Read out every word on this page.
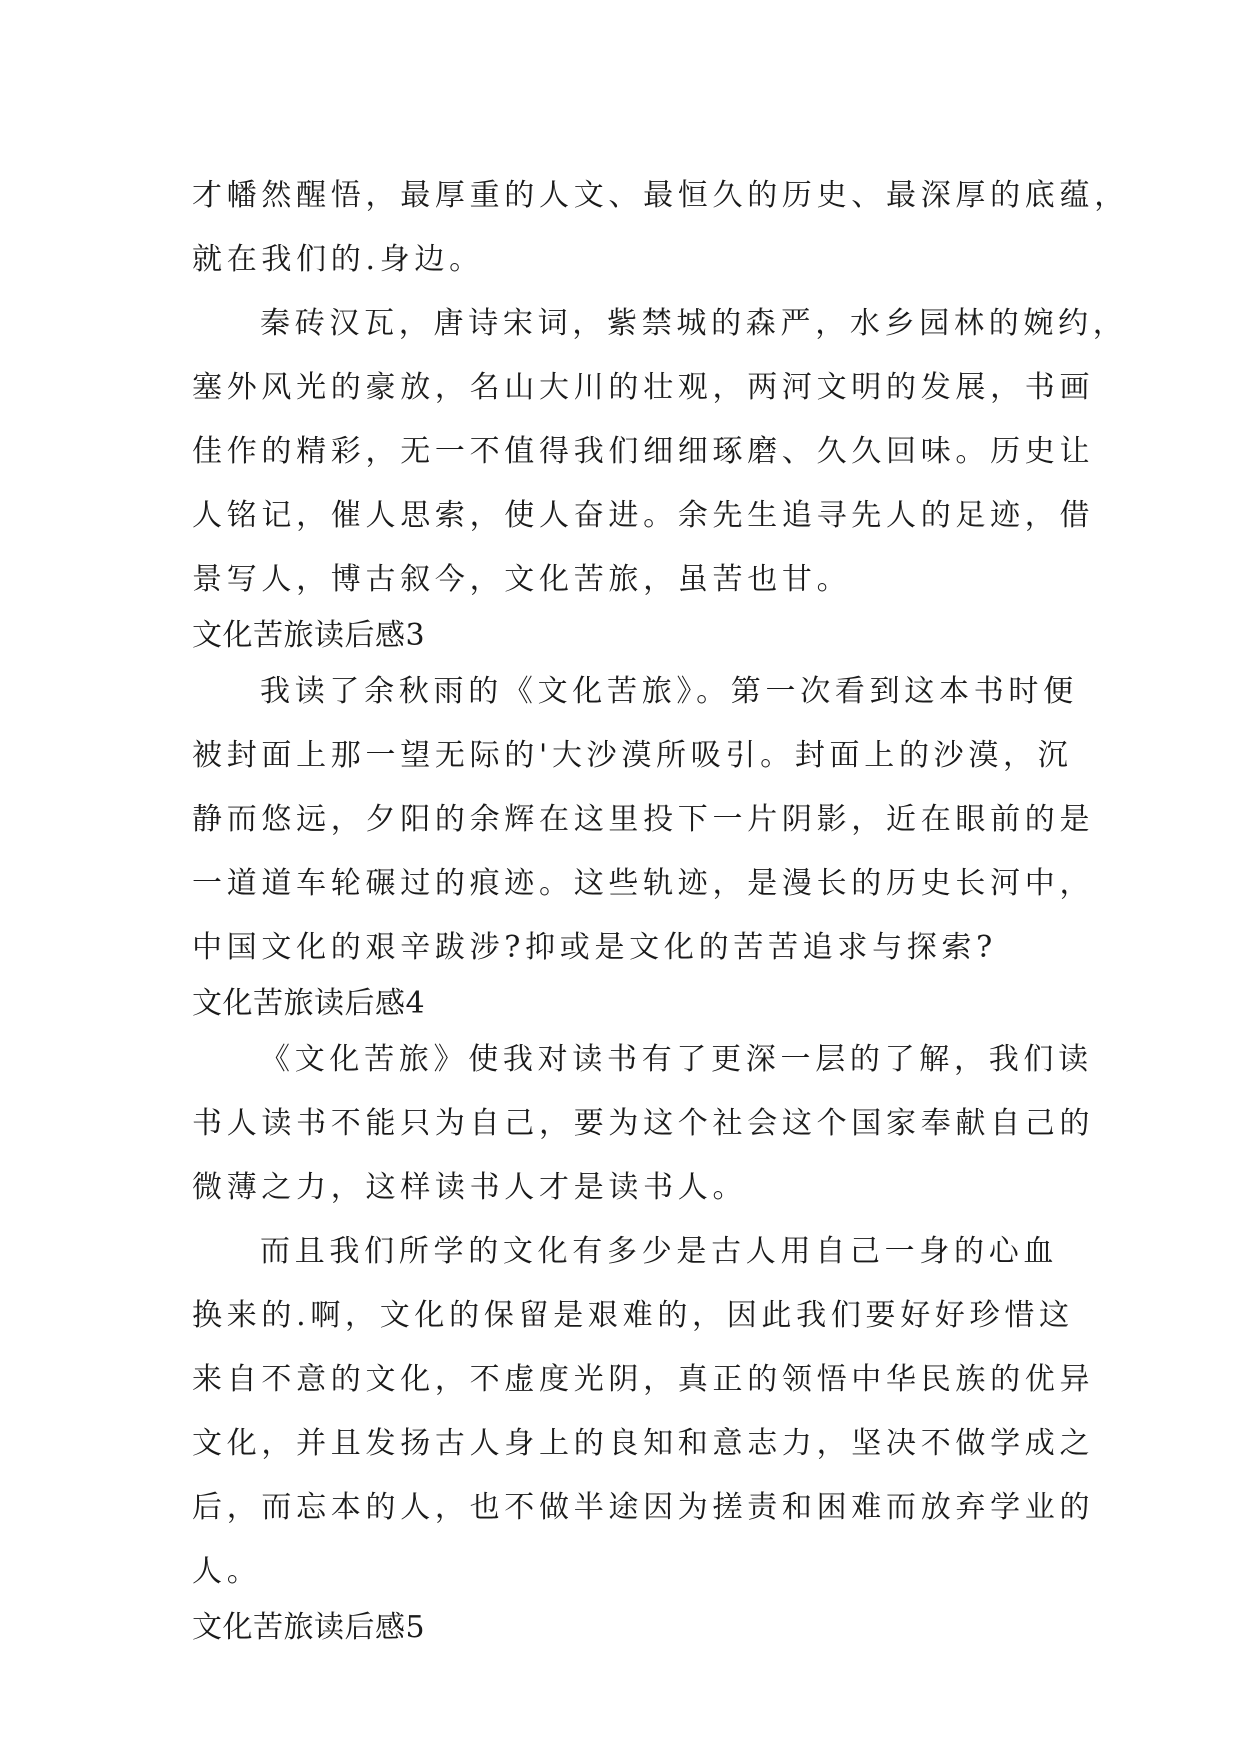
才幡然醒悟，最厚重的人文、最恒久的历史、最深厚的底蕴，
就在我们的.身边。
秦砖汉瓦，唐诗宋词，紫禁城的森严，水乡园林的婉约，
塞外风光的豪放，名山大川的壮观，两河文明的发展，书画
佳作的精彩，无一不值得我们细细琢磨、久久回味。历史让
人铭记，催人思索，使人奋进。余先生追寻先人的足迹，借
景写人，博古叙今，文化苦旅，虽苦也甘。
文化苦旅读后感3
我读了余秋雨的《文化苦旅》。第一次看到这本书时便
被封面上那一望无际的'大沙漠所吸引。封面上的沙漠，沉
静而悠远，夕阳的余辉在这里投下一片阴影，近在眼前的是
一道道车轮碾过的痕迹。这些轨迹，是漫长的历史长河中，
中国文化的艰辛跋涉?抑或是文化的苦苦追求与探索?
文化苦旅读后感4
《文化苦旅》使我对读书有了更深一层的了解，我们读
书人读书不能只为自己，要为这个社会这个国家奉献自己的
微薄之力，这样读书人才是读书人。
而且我们所学的文化有多少是古人用自己一身的心血
换来的.啊，文化的保留是艰难的，因此我们要好好珍惜这
来自不意的文化，不虚度光阴，真正的领悟中华民族的优异
文化，并且发扬古人身上的良知和意志力，坚决不做学成之
后，而忘本的人，也不做半途因为搓责和困难而放弃学业的
人。
文化苦旅读后感5
